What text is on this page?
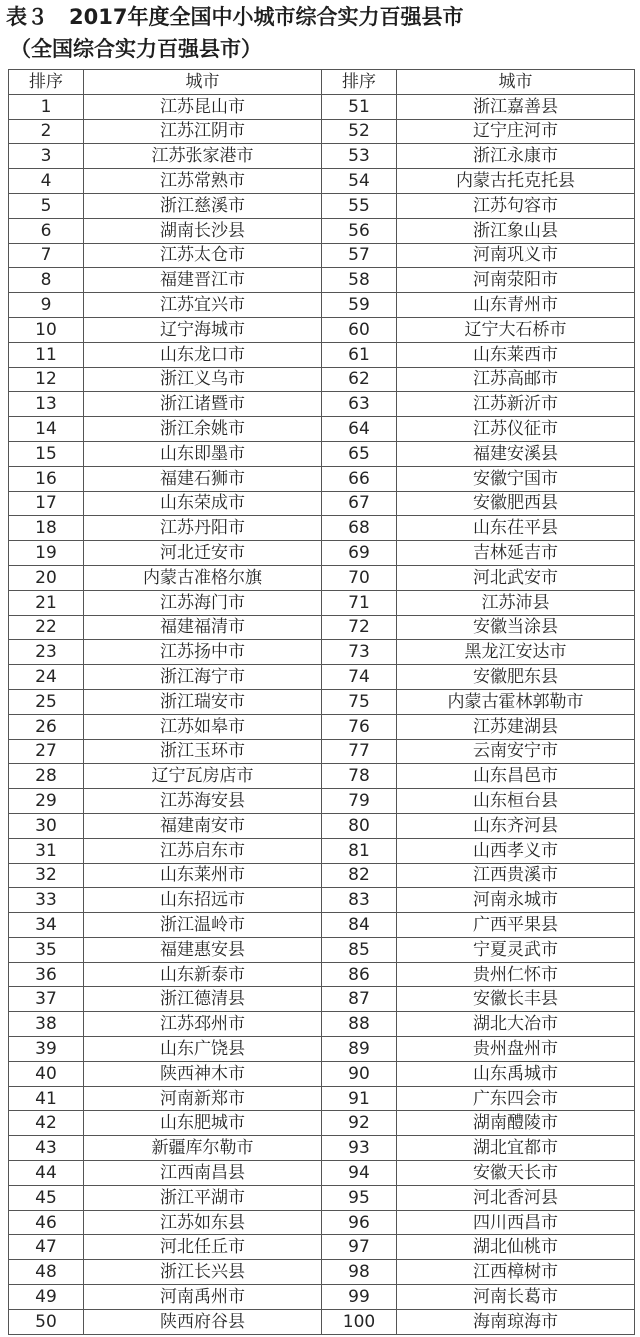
表３　2017年度全国中小城市综合实力百强县市
（全国综合实力百强县市）
排序	城市	排序	城市
1	江苏昆山市	51	浙江嘉善县
2	江苏江阴市	52	辽宁庄河市
3	江苏张家港市	53	浙江永康市
4	江苏常熟市	54	内蒙古托克托县
5	浙江慈溪市	55	江苏句容市
6	湖南长沙县	56	浙江象山县
7	江苏太仓市	57	河南巩义市
8	福建晋江市	58	河南荥阳市
9	江苏宜兴市	59	山东青州市
10	辽宁海城市	60	辽宁大石桥市
11	山东龙口市	61	山东莱西市
12	浙江义乌市	62	江苏高邮市
13	浙江诸暨市	63	江苏新沂市
14	浙江余姚市	64	江苏仪征市
15	山东即墨市	65	福建安溪县
16	福建石狮市	66	安徽宁国市
17	山东荣成市	67	安徽肥西县
18	江苏丹阳市	68	山东茌平县
19	河北迁安市	69	吉林延吉市
20	内蒙古准格尔旗	70	河北武安市
21	江苏海门市	71	江苏沛县
22	福建福清市	72	安徽当涂县
23	江苏扬中市	73	黑龙江安达市
24	浙江海宁市	74	安徽肥东县
25	浙江瑞安市	75	内蒙古霍林郭勒市
26	江苏如皋市	76	江苏建湖县
27	浙江玉环市	77	云南安宁市
28	辽宁瓦房店市	78	山东昌邑市
29	江苏海安县	79	山东桓台县
30	福建南安市	80	山东齐河县
31	江苏启东市	81	山西孝义市
32	山东莱州市	82	江西贵溪市
33	山东招远市	83	河南永城市
34	浙江温岭市	84	广西平果县
35	福建惠安县	85	宁夏灵武市
36	山东新泰市	86	贵州仁怀市
37	浙江德清县	87	安徽长丰县
38	江苏邳州市	88	湖北大冶市
39	山东广饶县	89	贵州盘州市
40	陕西神木市	90	山东禹城市
41	河南新郑市	91	广东四会市
42	山东肥城市	92	湖南醴陵市
43	新疆库尔勒市	93	湖北宜都市
44	江西南昌县	94	安徽天长市
45	浙江平湖市	95	河北香河县
46	江苏如东县	96	四川西昌市
47	河北任丘市	97	湖北仙桃市
48	浙江长兴县	98	江西樟树市
49	河南禹州市	99	河南长葛市
50	陕西府谷县	100	海南琼海市
